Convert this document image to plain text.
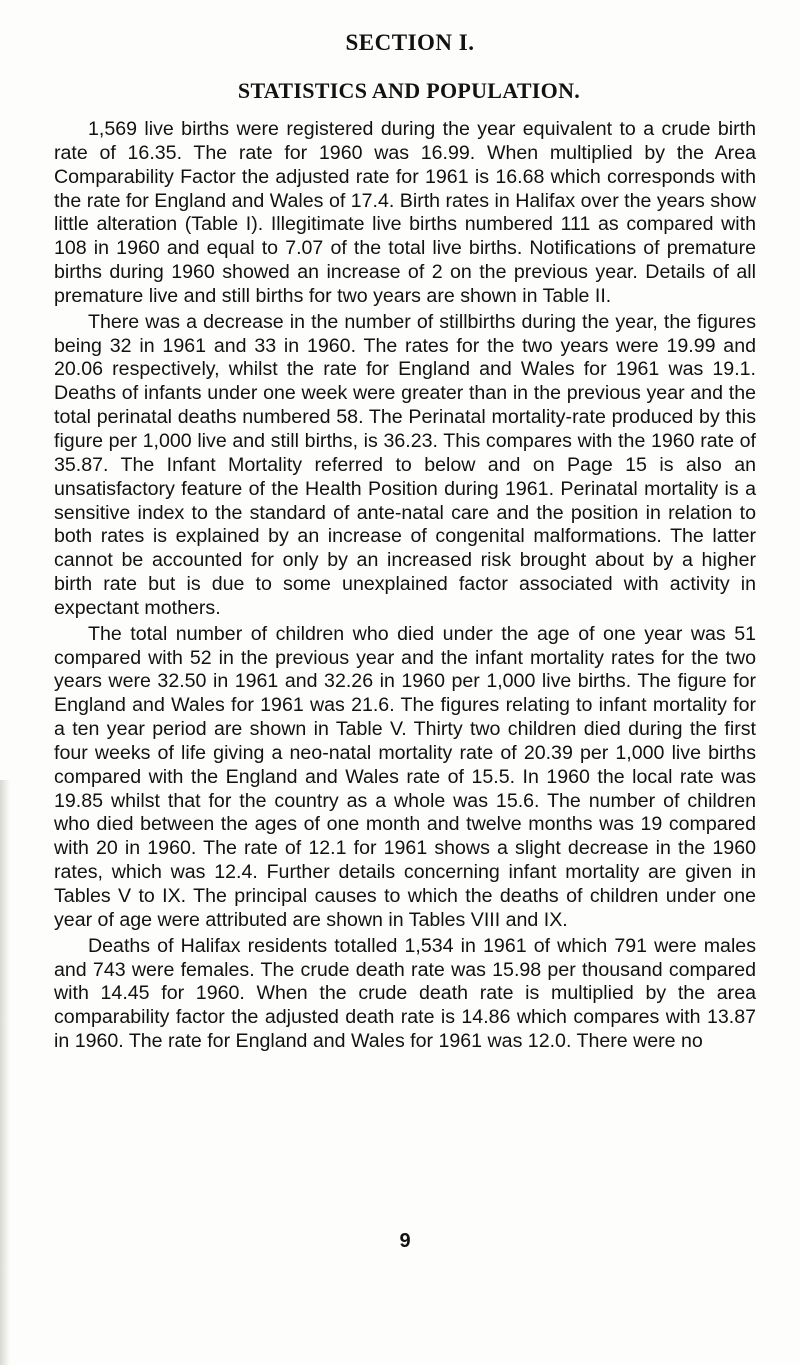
SECTION I.
STATISTICS AND POPULATION.

1,569 live births were registered during the year equivalent to a crude birth rate of 16.35. The rate for 1960 was 16.99. When multiplied by the Area Comparability Factor the adjusted rate for 1961 is 16.68 which corresponds with the rate for England and Wales of 17.4. Birth rates in Halifax over the years show little alteration (Table I). Illegitimate live births numbered 111 as compared with 108 in 1960 and equal to 7.07 of the total live births. Notifications of premature births during 1960 showed an increase of 2 on the previous year. Details of all premature live and still births for two years are shown in Table II.

There was a decrease in the number of stillbirths during the year, the figures being 32 in 1961 and 33 in 1960. The rates for the two years were 19.99 and 20.06 respectively, whilst the rate for England and Wales for 1961 was 19.1. Deaths of infants under one week were greater than in the previous year and the total perinatal deaths numbered 58. The Perinatal mortality-rate produced by this figure per 1,000 live and still births, is 36.23. This compares with the 1960 rate of 35.87. The Infant Mortality referred to below and on Page 15 is also an unsatisfactory feature of the Health Position during 1961. Perinatal mortality is a sensitive index to the standard of ante-natal care and the position in relation to both rates is explained by an increase of congenital malformations. The latter cannot be accounted for only by an increased risk brought about by a higher birth rate but is due to some unexplained factor associated with activity in expectant mothers.

The total number of children who died under the age of one year was 51 compared with 52 in the previous year and the infant mortality rates for the two years were 32.50 in 1961 and 32.26 in 1960 per 1,000 live births. The figure for England and Wales for 1961 was 21.6. The figures relating to infant mortality for a ten year period are shown in Table V. Thirty two children died during the first four weeks of life giving a neo-natal mortality rate of 20.39 per 1,000 live births compared with the England and Wales rate of 15.5. In 1960 the local rate was 19.85 whilst that for the country as a whole was 15.6. The number of children who died between the ages of one month and twelve months was 19 compared with 20 in 1960. The rate of 12.1 for 1961 shows a slight decrease in the 1960 rates, which was 12.4. Further details concerning infant mortality are given in Tables V to IX. The principal causes to which the deaths of children under one year of age were attributed are shown in Tables VIII and IX.

Deaths of Halifax residents totalled 1,534 in 1961 of which 791 were males and 743 were females. The crude death rate was 15.98 per thousand compared with 14.45 for 1960. When the crude death rate is multiplied by the area comparability factor the adjusted death rate is 14.86 which compares with 13.87 in 1960. The rate for England and Wales for 1961 was 12.0. There were no

9
